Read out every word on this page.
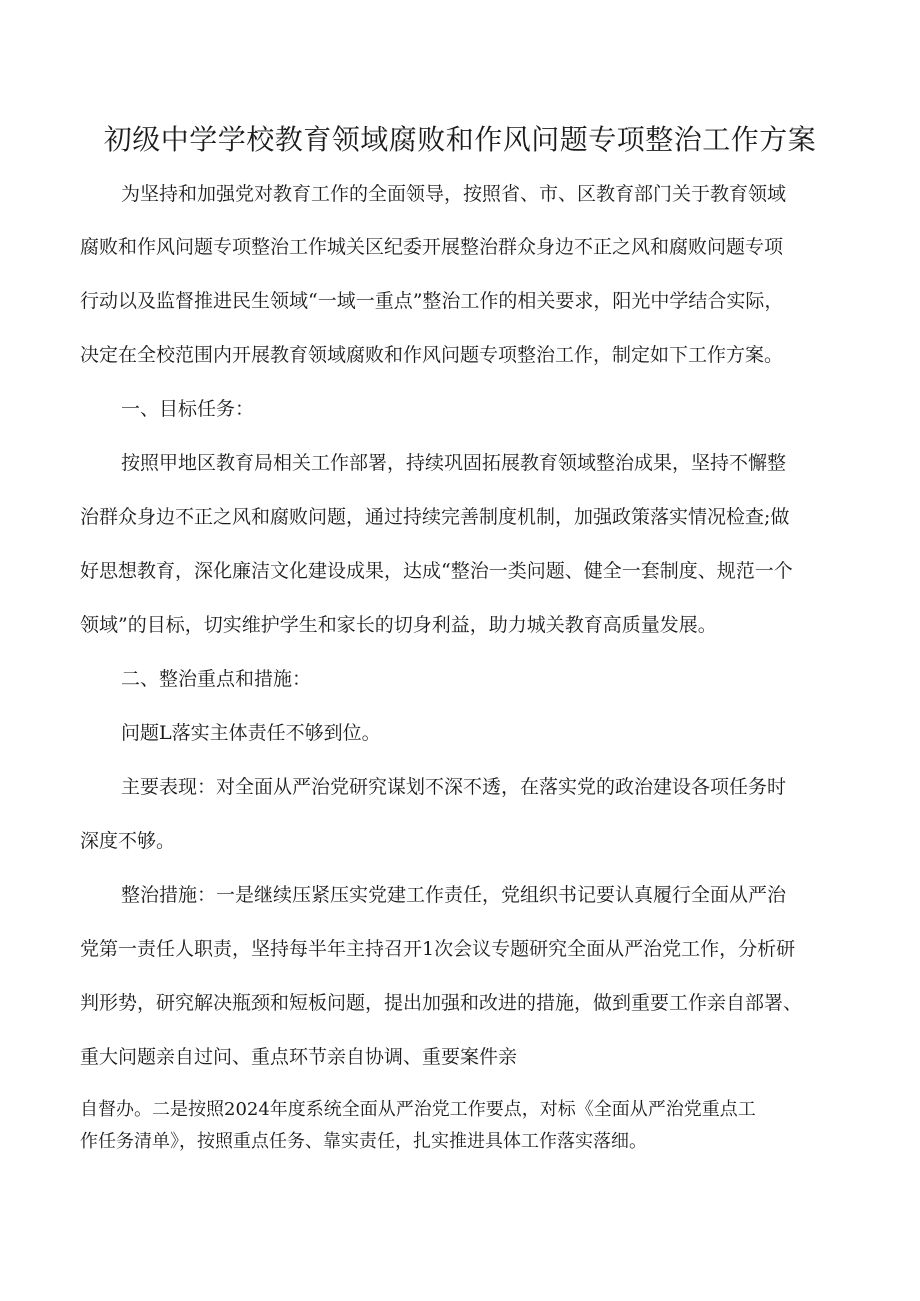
初级中学学校教育领域腐败和作风问题专项整治工作方案
为坚持和加强党对教育工作的全面领导，按照省、市、区教育部门关于教育领域
腐败和作风问题专项整治工作城关区纪委开展整治群众身边不正之风和腐败问题专项
行动以及监督推进民生领域“一域一重点”整治工作的相关要求，阳光中学结合实际，
决定在全校范围内开展教育领域腐败和作风问题专项整治工作，制定如下工作方案。
一、目标任务：
按照甲地区教育局相关工作部署，持续巩固拓展教育领域整治成果，坚持不懈整
治群众身边不正之风和腐败问题，通过持续完善制度机制，加强政策落实情况检查;做
好思想教育，深化廉洁文化建设成果，达成“整治一类问题、健全一套制度、规范一个
领域”的目标，切实维护学生和家长的切身利益，助力城关教育高质量发展。
二、整治重点和措施：
问题L落实主体责任不够到位。
主要表现：对全面从严治党研究谋划不深不透，在落实党的政治建设各项任务时
深度不够。
整治措施：一是继续压紧压实党建工作责任，党组织书记要认真履行全面从严治
党第一责任人职责，坚持每半年主持召开1次会议专题研究全面从严治党工作，分析研
判形势，研究解决瓶颈和短板问题，提出加强和改进的措施，做到重要工作亲自部署、
重大问题亲自过问、重点环节亲自协调、重要案件亲
自督办。二是按照2024年度系统全面从严治党工作要点，对标《全面从严治党重点工
作任务清单》，按照重点任务、靠实责任，扎实推进具体工作落实落细。
